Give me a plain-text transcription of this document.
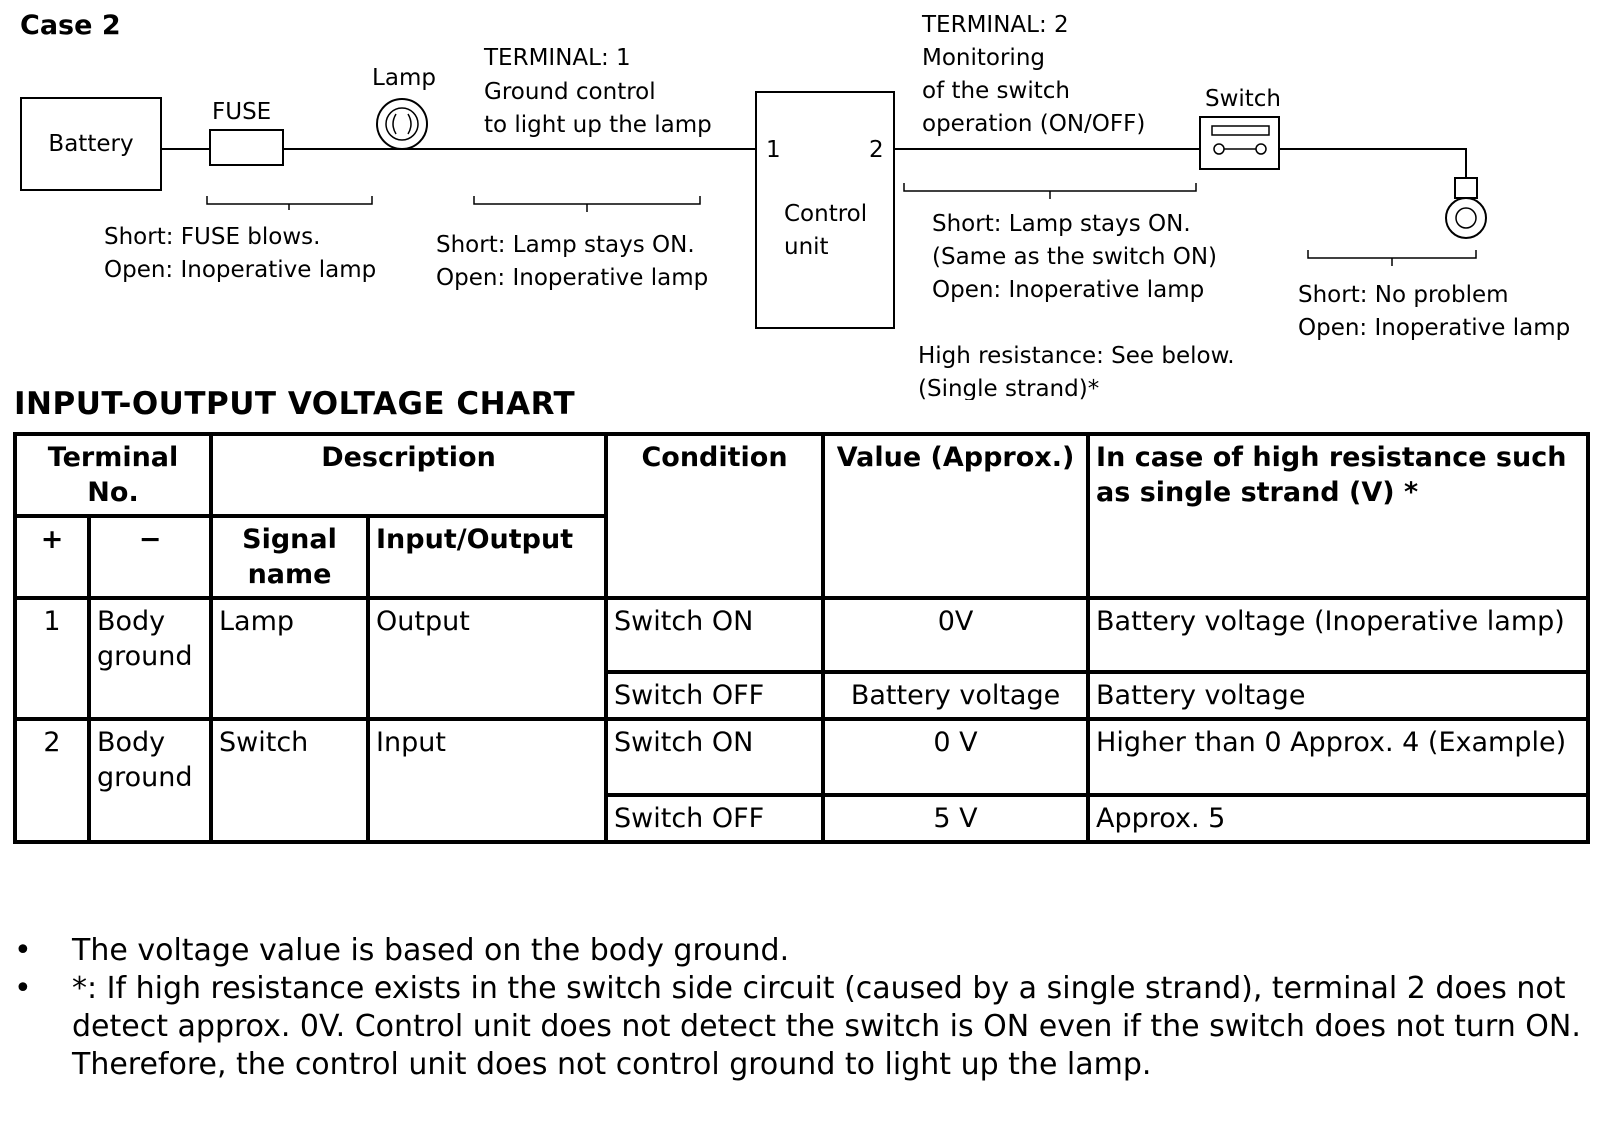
Case 2
Battery
FUSE
Lamp
TERMINAL: 1
Ground control
to light up the lamp
1	2
Control
unit
TERMINAL: 2
Monitoring
of the switch
operation (ON/OFF)
Switch
Short: FUSE blows.
Open: Inoperative lamp
Short: Lamp stays ON.
Open: Inoperative lamp
Short: Lamp stays ON.
(Same as the switch ON)
Open: Inoperative lamp
High resistance: See below.
(Single strand)*
Short: No problem
Open: Inoperative lamp
INPUT-OUTPUT VOLTAGE CHART
Terminal No.		Description		Condition	Value (Approx.)	In case of high resistance such as single strand (V) *
+	−	Signal name	Input/Output			
1	Body ground	Lamp	Output	Switch ON	0V	Battery voltage (Inoperative lamp)
				Switch OFF	Battery voltage	Battery voltage
2	Body ground	Switch	Input	Switch ON	0 V	Higher than 0 Approx. 4 (Example)
				Switch OFF	5 V	Approx. 5
• The voltage value is based on the body ground.
• *: If high resistance exists in the switch side circuit (caused by a single strand), terminal 2 does not detect approx. 0V. Control unit does not detect the switch is ON even if the switch does not turn ON. Therefore, the control unit does not control ground to light up the lamp.
